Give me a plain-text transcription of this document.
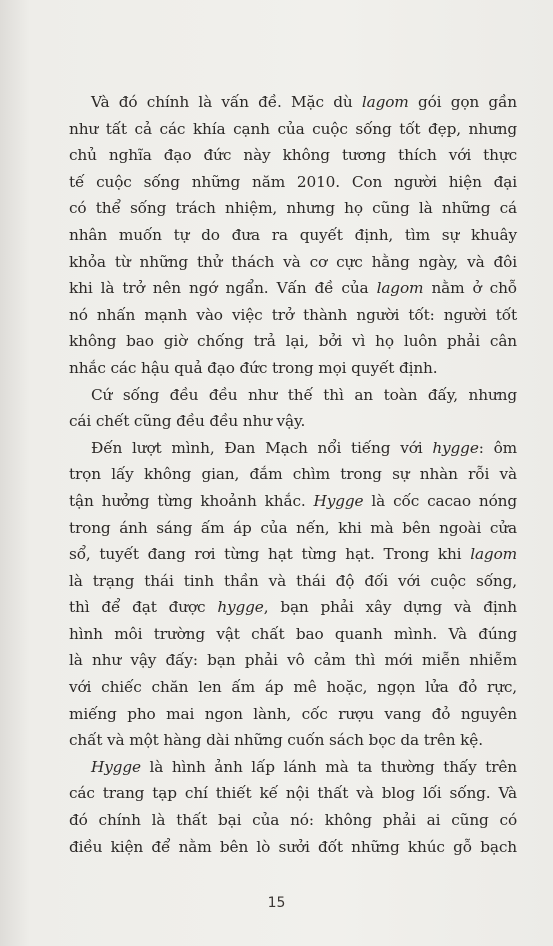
Và đó chính là vấn đề. Mặc dù lagom gói gọn gần
như tất cả các khía cạnh của cuộc sống tốt đẹp, nhưng
chủ nghĩa đạo đức này không tương thích với thực
tế cuộc sống những năm 2010. Con người hiện đại
có thể sống trách nhiệm, nhưng họ cũng là những cá
nhân muốn tự do đưa ra quyết định, tìm sự khuây
khỏa từ những thử thách và cơ cực hằng ngày, và đôi
khi là trở nên ngớ ngẩn. Vấn đề của lagom nằm ở chỗ
nó nhấn mạnh vào việc trở thành người tốt: người tốt
không bao giờ chống trả lại, bởi vì họ luôn phải cân
nhắc các hậu quả đạo đức trong mọi quyết định.

Cứ sống đều đều như thế thì an toàn đấy, nhưng
cái chết cũng đều đều như vậy.

Đến lượt mình, Đan Mạch nổi tiếng với hygge: ôm
trọn lấy không gian, đắm chìm trong sự nhàn rỗi và
tận hưởng từng khoảnh khắc. Hygge là cốc cacao nóng
trong ánh sáng ấm áp của nến, khi mà bên ngoài cửa
sổ, tuyết đang rơi từng hạt từng hạt. Trong khi lagom
là trạng thái tinh thần và thái độ đối với cuộc sống,
thì để đạt được hygge, bạn phải xây dựng và định
hình môi trường vật chất bao quanh mình. Và đúng
là như vậy đấy: bạn phải vô cảm thì mới miễn nhiễm
với chiếc chăn len ấm áp mê hoặc, ngọn lửa đỏ rực,
miếng pho mai ngon lành, cốc rượu vang đỏ nguyên
chất và một hàng dài những cuốn sách bọc da trên kệ.

Hygge là hình ảnh lấp lánh mà ta thường thấy trên
các trang tạp chí thiết kế nội thất và blog lối sống. Và
đó chính là thất bại của nó: không phải ai cũng có
điều kiện để nằm bên lò sưởi đốt những khúc gỗ bạch

15
